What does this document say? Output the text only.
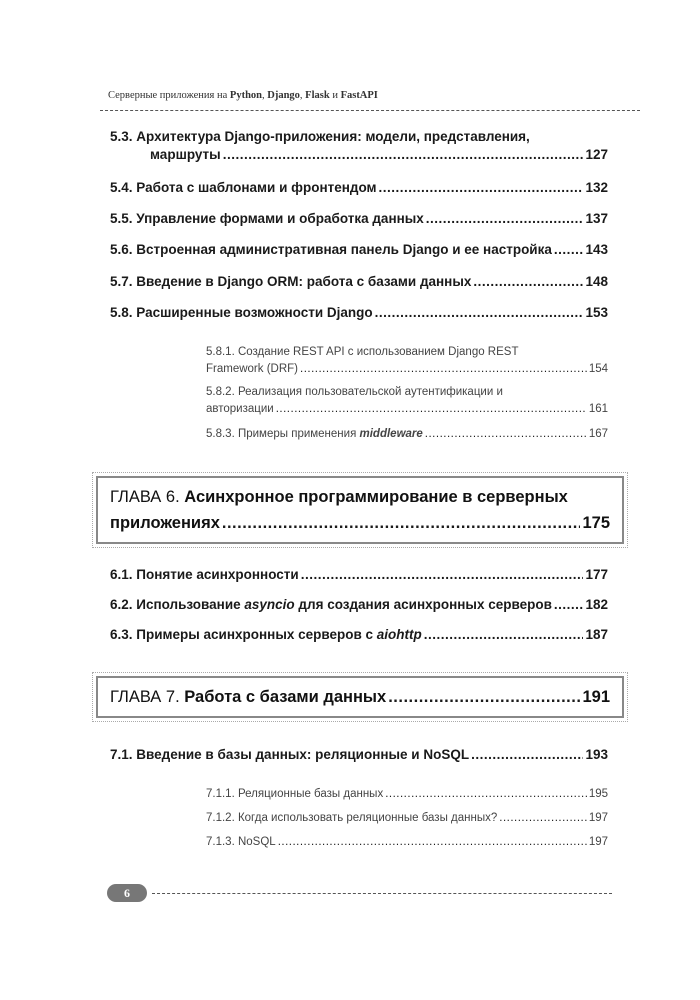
Серверные приложения на Python, Django, Flask и FastAPI
5.3. Архитектура Django-приложения: модели, представления,
маршруты .....	127
5.4. Работа с шаблонами и фронтендом .....	132
5.5. Управление формами и обработка данных .....	137
5.6. Встроенная административная панель Django и ее настройка ..... 143
5.7. Введение в Django ORM: работа с базами данных .....	148
5.8. Расширенные возможности Django .....	153
5.8.1. Создание REST API с использованием Django REST
Framework (DRF) .....	154
5.8.2. Реализация пользовательской аутентификации и
авторизации .....	161
5.8.3. Примеры применения middleware .....	167
ГЛАВА 6. Асинхронное программирование в серверных
приложениях .....	175
6.1. Понятие асинхронности .....	177
6.2. Использование asyncio для создания асинхронных серверов ..... 182
6.3. Примеры асинхронных серверов с aiohttp .....	187
ГЛАВА 7. Работа с базами данных .....	191
7.1. Введение в базы данных: реляционные и NoSQL .....	193
7.1.1. Реляционные базы данных .....	195
7.1.2. Когда использовать реляционные базы данных? .....	197
7.1.3. NoSQL .....	197
6
